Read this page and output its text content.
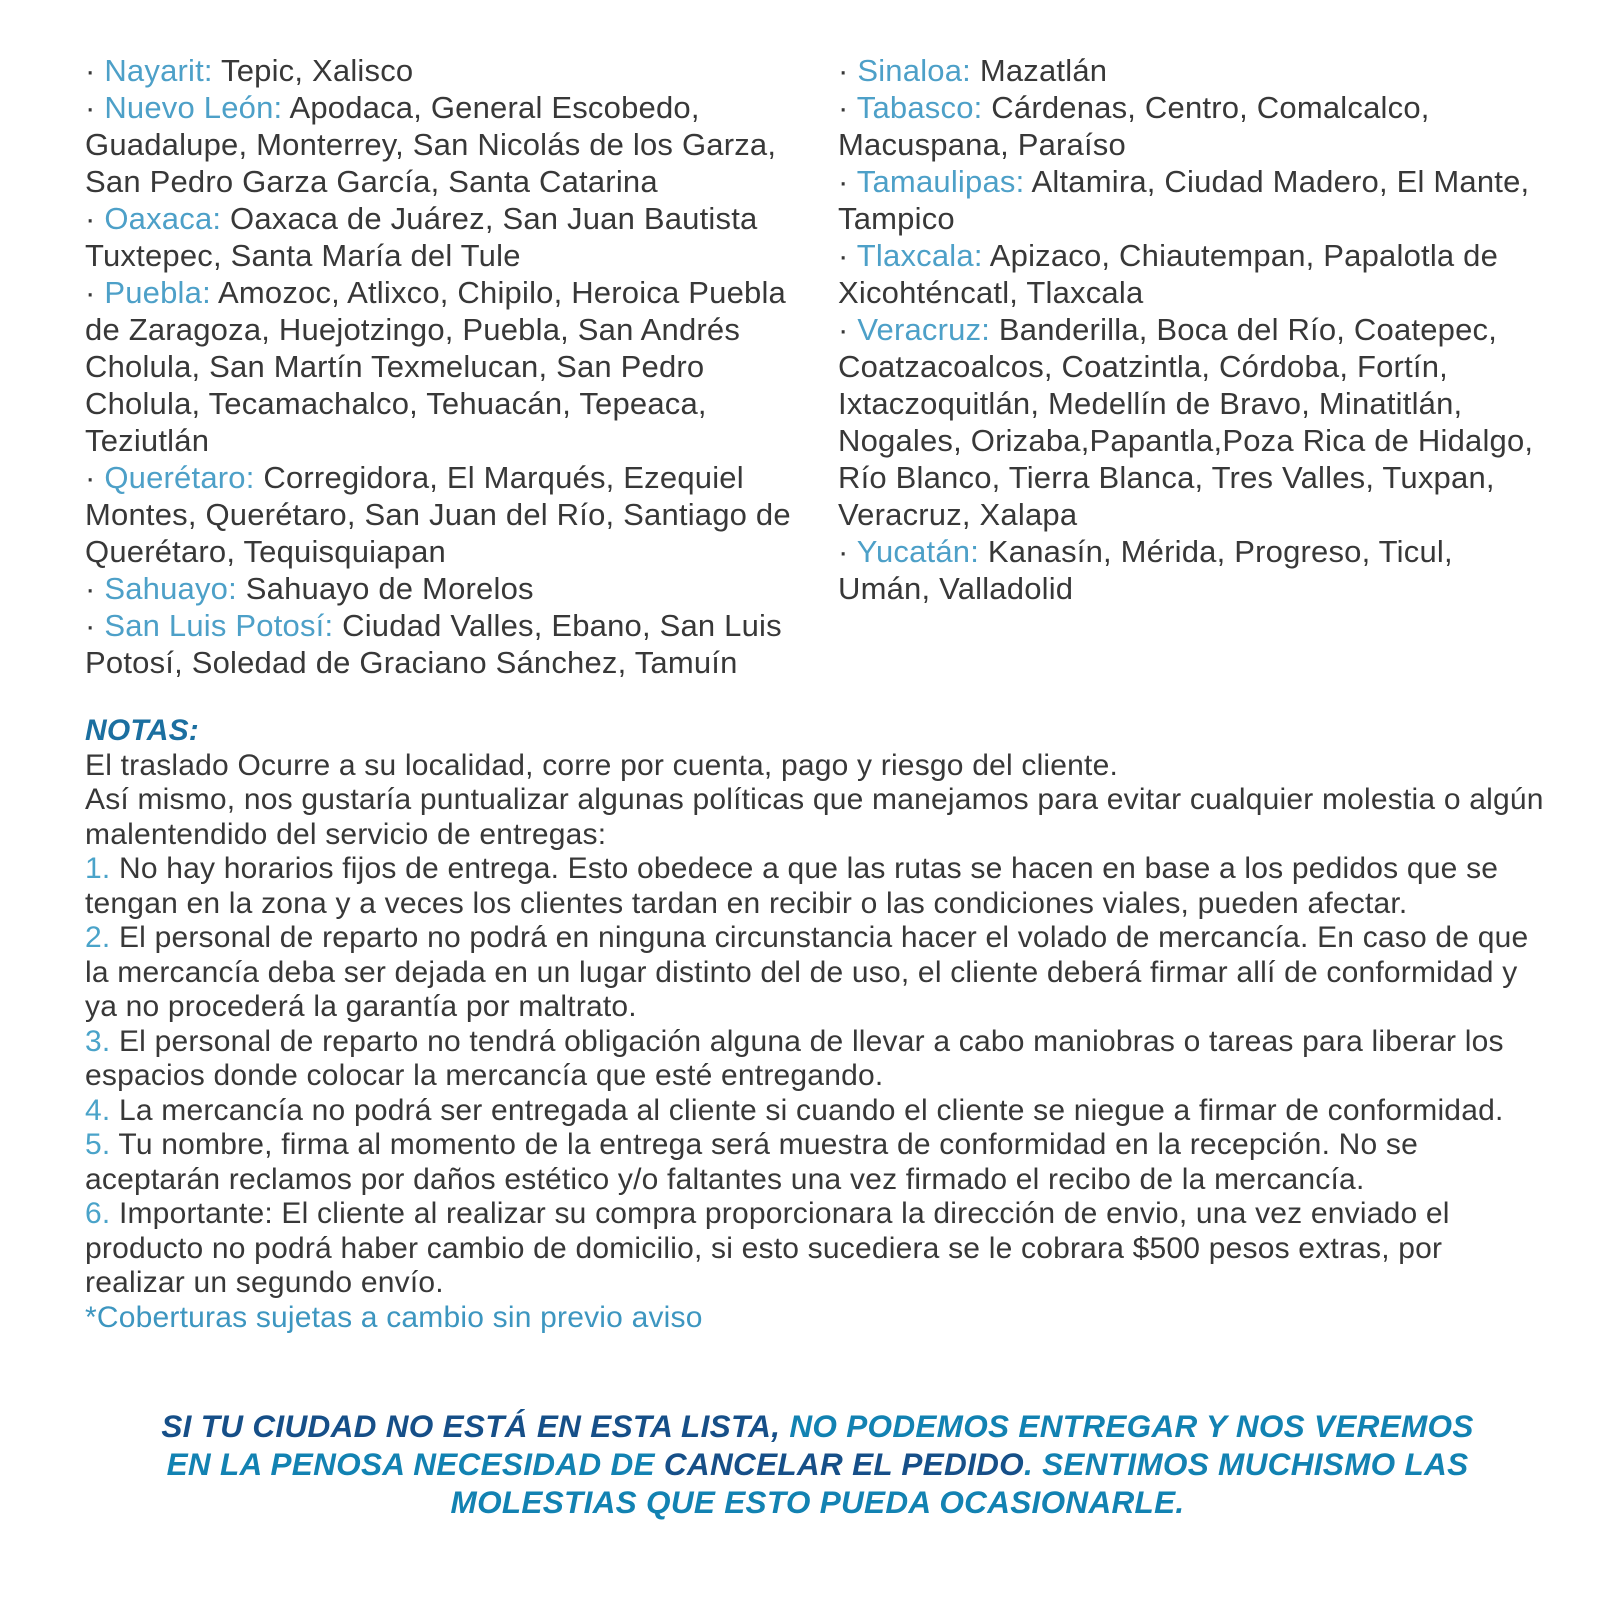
· Nayarit: Tepic, Xalisco
· Nuevo León: Apodaca, General Escobedo, Guadalupe, Monterrey, San Nicolás de los Garza, San Pedro Garza García, Santa Catarina
· Oaxaca: Oaxaca de Juárez, San Juan Bautista Tuxtepec, Santa María del Tule
· Puebla: Amozoc, Atlixco, Chipilo, Heroica Puebla de Zaragoza, Huejotzingo, Puebla, San Andrés Cholula, San Martín Texmelucan, San Pedro Cholula, Tecamachalco, Tehuacán, Tepeaca, Teziutlán
· Querétaro: Corregidora, El Marqués, Ezequiel Montes, Querétaro, San Juan del Río, Santiago de Querétaro, Tequisquiapan
· Sahuayo: Sahuayo de Morelos
· San Luis Potosí: Ciudad Valles, Ebano, San Luis Potosí, Soledad de Graciano Sánchez, Tamuín
· Sinaloa: Mazatlán
· Tabasco: Cárdenas, Centro, Comalcalco, Macuspana, Paraíso
· Tamaulipas: Altamira, Ciudad Madero, El Mante, Tampico
· Tlaxcala: Apizaco, Chiautempan, Papalotla de Xicohténcatl, Tlaxcala
· Veracruz: Banderilla, Boca del Río, Coatepec, Coatzacoalcos, Coatzintla, Córdoba, Fortín, Ixtaczoquitlán, Medellín de Bravo, Minatitlán, Nogales, Orizaba,Papantla,Poza Rica de Hidalgo, Río Blanco, Tierra Blanca, Tres Valles, Tuxpan, Veracruz, Xalapa
· Yucatán: Kanasín, Mérida, Progreso, Ticul, Umán, Valladolid
NOTAS:

El traslado Ocurre a su localidad, corre por cuenta, pago y riesgo del cliente.

Así mismo, nos gustaría puntualizar algunas políticas que manejamos para evitar cualquier molestia o algún malentendido del servicio de entregas:

1. No hay horarios fijos de entrega. Esto obedece a que las rutas se hacen en base a los pedidos que se tengan en la zona y a veces los clientes tardan en recibir o las condiciones viales, pueden afectar.

2. El personal de reparto no podrá en ninguna circunstancia hacer el volado de mercancía. En caso de que la mercancía deba ser dejada en un lugar distinto del de uso, el cliente deberá firmar allí de conformidad y ya no procederá la garantía por maltrato.

3. El personal de reparto no tendrá obligación alguna de llevar a cabo maniobras o tareas para liberar los espacios donde colocar la mercancía que esté entregando.

4. La mercancía no podrá ser entregada al cliente si cuando el cliente se niegue a firmar de conformidad.

5. Tu nombre, firma al momento de la entrega será muestra de conformidad en la recepción. No se aceptarán reclamos por daños estético y/o faltantes una vez firmado el recibo de la mercancía.

6. Importante: El cliente al realizar su compra proporcionara la dirección de envio, una vez enviado el producto no podrá haber cambio de domicilio, si esto sucediera se le cobrara $500 pesos extras, por realizar un segundo envío.

*Coberturas sujetas a cambio sin previo aviso

SI TU CIUDAD NO ESTÁ EN ESTA LISTA, NO PODEMOS ENTREGAR Y NOS VEREMOS EN LA PENOSA NECESIDAD DE CANCELAR EL PEDIDO. SENTIMOS MUCHISMO LAS MOLESTIAS QUE ESTO PUEDA OCASIONARLE.
